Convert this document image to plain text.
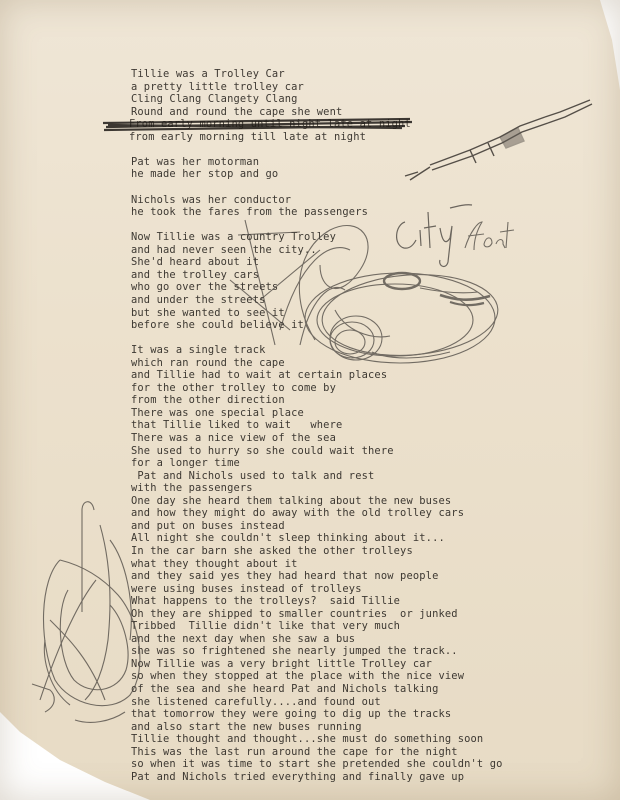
Tillie was a Trolley Car
a pretty little trolley car
Cling Clang Clangety Clang
Round and round the cape she went
From early morning until night late at night
from early morning till late at night
Pat was her motorman
he made her stop and go
Nichols was her conductor
he took the fares from the passengers
Now Tillie was a country Trolley
and had never seen the city..
She'd heard about it
and the trolley cars
who go over the streets
and under the streets
but she wanted to see it
before she could believe it
It was a single track
which ran round the cape
and Tillie had to wait at certain places
for the other trolley to come by
from the other direction
There was one special place
that Tillie liked to wait   where
There was a nice view of the sea
She used to hurry so she could wait there
for a longer time
Pat and Nichols used to talk and rest
with the passengers
One day she heard them talking about the new buses
and how they might do away with the old trolley cars
and put on buses instead
All night she couldn't sleep thinking about it...
In the car barn she asked the other trolleys
what they thought about it
and they said yes they had heard that now people
were using buses instead of trolleys
What happens to the trolleys?  said Tillie
Oh they are shipped to smaller countries  or junked
Tribbed  Tillie didn't like that very much
and the next day when she saw a bus
she was so frightened she nearly jumped the track..
Now Tillie was a very bright little Trolley car
so when they stopped at the place with the nice view
of the sea and she heard Pat and Nichols talking
she listened carefully....and found out
that tomorrow they were going to dig up the tracks
and also start the new buses running
Tillie thought and thought...she must do something soon
This was the last run around the cape for the night
so when it was time to start she pretended she couldn't go
Pat and Nichols tried everything and finally gave up
